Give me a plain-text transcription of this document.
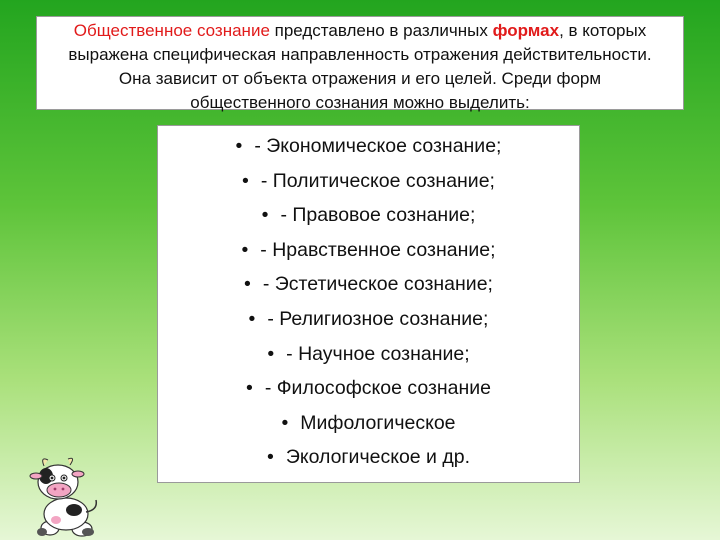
Общественное сознание представлено в различных формах, в которых
выражена специфическая направленность отражения действительности.
Она зависит от объекта отражения и его целей. Среди форм
общественного сознания можно выделить:
• - Экономическое сознание;
• - Политическое сознание;
• - Правовое сознание;
• - Нравственное сознание;
• - Эстетическое сознание;
• - Религиозное сознание;
• - Научное сознание;
• - Философское сознание
• Мифологическое
• Экологическое и др.
